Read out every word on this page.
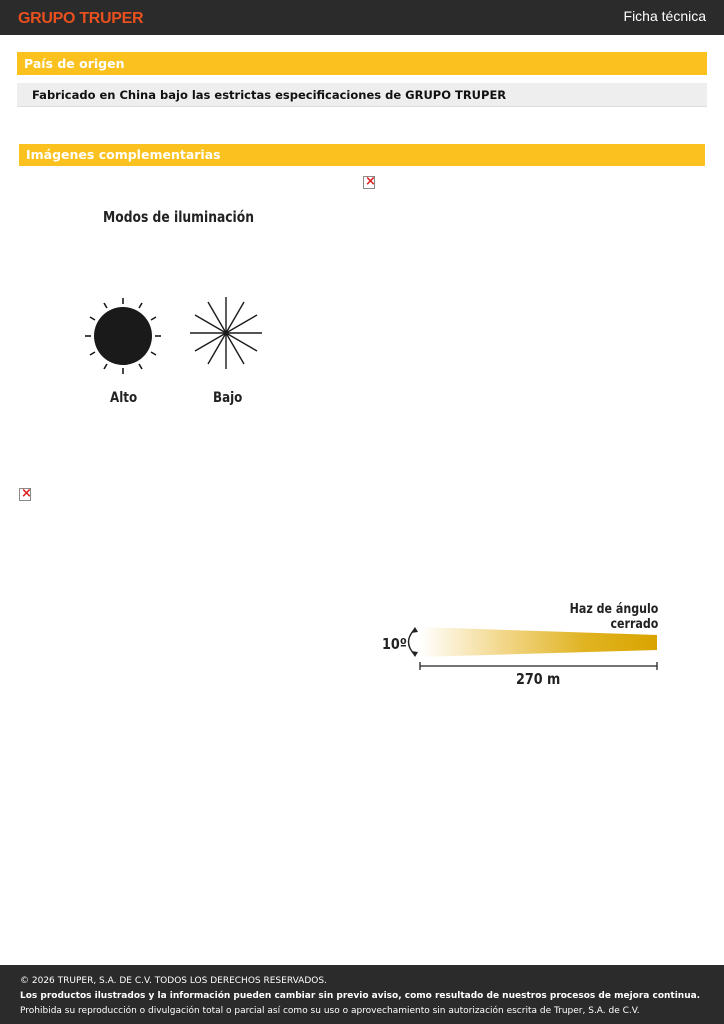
GRUPO TRUPER	Ficha técnica
País de origen
Fabricado en China bajo las estrictas especificaciones de GRUPO TRUPER
Imágenes complementarias
×
Modos de iluminación
Alto	Bajo
×
Haz de ángulo
cerrado
10º
270 m
© 2026 TRUPER, S.A. DE C.V. TODOS LOS DERECHOS RESERVADOS.
Los productos ilustrados y la información pueden cambiar sin previo aviso, como resultado de nuestros procesos de mejora continua.
Prohibida su reproducción o divulgación total o parcial así como su uso o aprovechamiento sin autorización escrita de Truper, S.A. de C.V.
